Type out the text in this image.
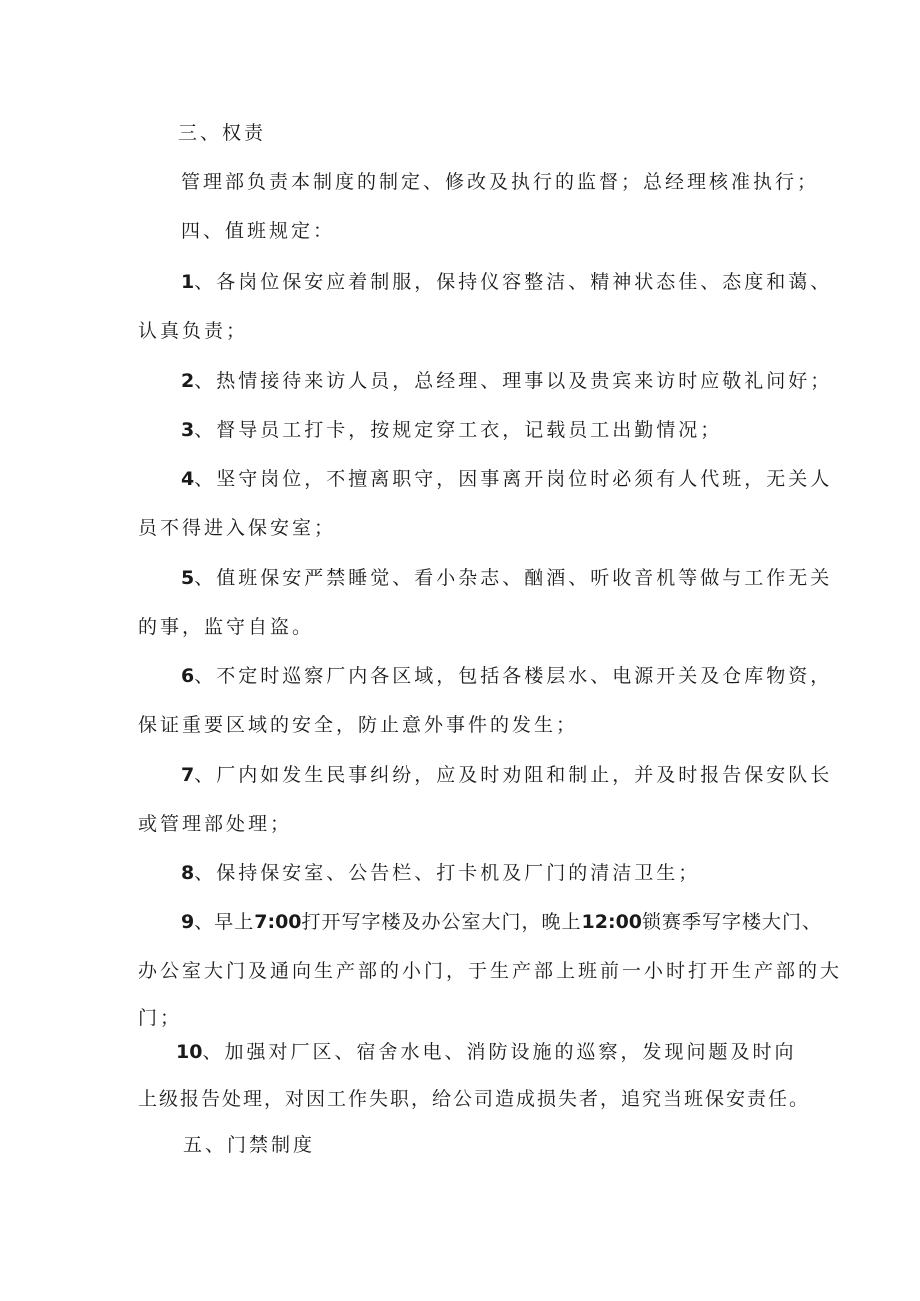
三、权责
管理部负责本制度的制定、修改及执行的监督；总经理核准执行；
四、值班规定：
1、各岗位保安应着制服，保持仪容整洁、精神状态佳、态度和蔼、
认真负责；
2、热情接待来访人员，总经理、理事以及贵宾来访时应敬礼问好；
3、督导员工打卡，按规定穿工衣，记载员工出勤情况；
4、坚守岗位，不擅离职守，因事离开岗位时必须有人代班，无关人
员不得进入保安室；
5、值班保安严禁睡觉、看小杂志、酗酒、听收音机等做与工作无关
的事，监守自盗。
6、不定时巡察厂内各区域，包括各楼层水、电源开关及仓库物资，
保证重要区域的安全，防止意外事件的发生；
7、厂内如发生民事纠纷，应及时劝阻和制止，并及时报告保安队长
或管理部处理；
8、保持保安室、公告栏、打卡机及厂门的清洁卫生；
9、早上7:00打开写字楼及办公室大门，晚上12:00锁赛季写字楼大门、
办公室大门及通向生产部的小门，于生产部上班前一小时打开生产部的大
门；
10、加强对厂区、宿舍水电、消防设施的巡察，发现问题及时向
上级报告处理，对因工作失职，给公司造成损失者，追究当班保安责任。
五、门禁制度
